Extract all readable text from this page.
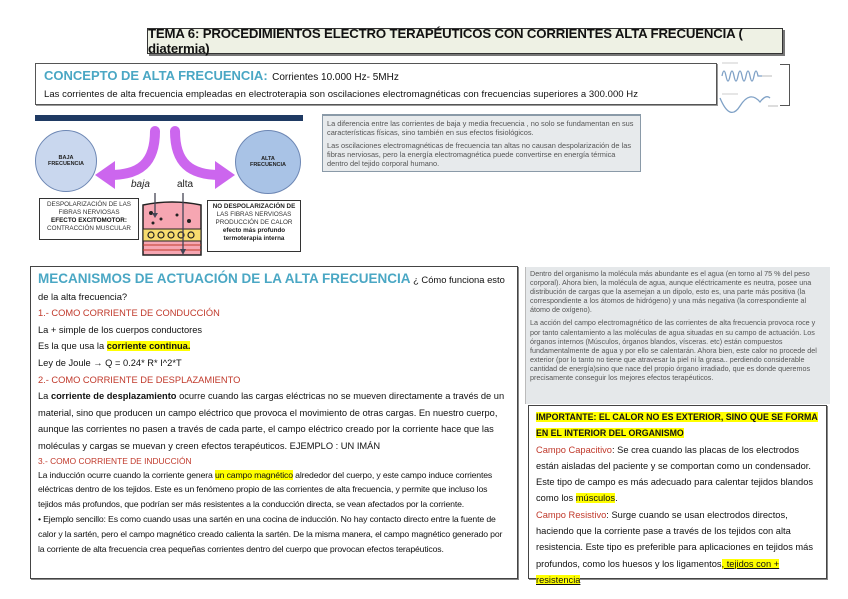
TEMA 6: PROCEDIMIENTOS ELECTRO TERAPÉUTICOS CON CORRIENTES ALTA FRECUENCIA ( diatermia)
CONCEPTO DE ALTA FRECUENCIA: Corrientes 10.000 Hz- 5MHz
Las corrientes de alta frecuencia empleadas en electroterapia son oscilaciones electromagnéticas con frecuencias superiores a 300.000 Hz
BAJA
FRECUENCIA
ALTA
FRECUENCIA
baja	alta
DESPOLARIZACIÓN DE LAS
FIBRAS NERVIOSAS
EFECTO EXCITOMOTOR:
CONTRACCIÓN MUSCULAR
NO DESPOLARIZACIÓN DE
LAS FIBRAS NERVIOSAS
PRODUCCIÓN DE CALOR
efecto más profundo
termoterapia interna

La diferencia entre las corrientes de baja y media frecuencia , no solo se fundamentan en sus características físicas, sino también en sus efectos fisiológicos.

Las oscilaciones electromagnéticas de frecuencia tan altas no causan despolarización de las fibras nerviosas, pero la energía electromagnética puede convertirse en energía térmica dentro del tejido corporal humano.

MECANISMOS DE ACTUACIÓN DE LA ALTA FRECUENCIA ¿ Cómo funciona esto de la alta frecuencia?
1.- COMO CORRIENTE DE CONDUCCIÓN
La + simple de los cuerpos conductores
Es la que usa la corriente continua.
Ley de Joule → Q = 0.24* R* I^2*T
2.- COMO CORRIENTE DE DESPLAZAMIENTO
La corriente de desplazamiento ocurre cuando las cargas eléctricas no se mueven directamente a través de un material, sino que producen un campo eléctrico que provoca el movimiento de otras cargas. En nuestro cuerpo, aunque las corrientes no pasen a través de cada parte, el campo eléctrico creado por la corriente hace que las moléculas y cargas se muevan y creen efectos terapéuticos. EJEMPLO : UN IMÁN
3.- COMO CORRIENTE DE INDUCCIÓN
La inducción ocurre cuando la corriente genera un campo magnético alrededor del cuerpo, y este campo induce corrientes eléctricas dentro de los tejidos. Este es un fenómeno propio de las corrientes de alta frecuencia, y permite que incluso los tejidos más profundos, que podrían ser más resistentes a la conducción directa, se vean afectados por la corriente.
• Ejemplo sencillo: Es como cuando usas una sartén en una cocina de inducción. No hay contacto directo entre la fuente de calor y la sartén, pero el campo magnético creado calienta la sartén. De la misma manera, el campo magnético generado por la corriente de alta frecuencia crea pequeñas corrientes dentro del cuerpo que provocan efectos terapéuticos.

Dentro del organismo la molécula más abundante es el agua (en torno al 75 % del peso corporal). Ahora bien, la molécula de agua, aunque eléctricamente es neutra, posee una distribución de cargas que la asemejan a un dipolo, esto es, una parte más positiva (la correspondiente a los átomos de hidrógeno) y una más negativa (la correspondiente al átomo de oxígeno).

La acción del campo electromagnético de las corrientes de alta frecuencia provoca roce y por tanto calentamiento a las moléculas de agua situadas en su campo de actuación. Los órganos internos (Músculos, órganos blandos, vísceras. etc) están compuestos fundamentalmente de agua y por ello se calentarán. Ahora bien, este calor no procede del exterior (por lo tanto no tiene que atravesar la piel ni la grasa.. perdiendo considerable cantidad de energía)sino que nace del propio órgano irradiado, que es donde queremos precisamente conseguir los mejores efectos terapéuticos.

IMPORTANTE: EL CALOR NO ES EXTERIOR, SINO QUE SE FORMA EN EL INTERIOR DEL ORGANISMO
Campo Capacitivo: Se crea cuando las placas de los electrodos están aisladas del paciente y se comportan como un condensador. Este tipo de campo es más adecuado para calentar tejidos blandos como los músculos.
Campo Resistivo: Surge cuando se usan electrodos directos, haciendo que la corriente pase a través de los tejidos con alta resistencia. Este tipo es preferible para aplicaciones en tejidos más profundos, como los huesos y los ligamentos, tejidos con + resistencia
